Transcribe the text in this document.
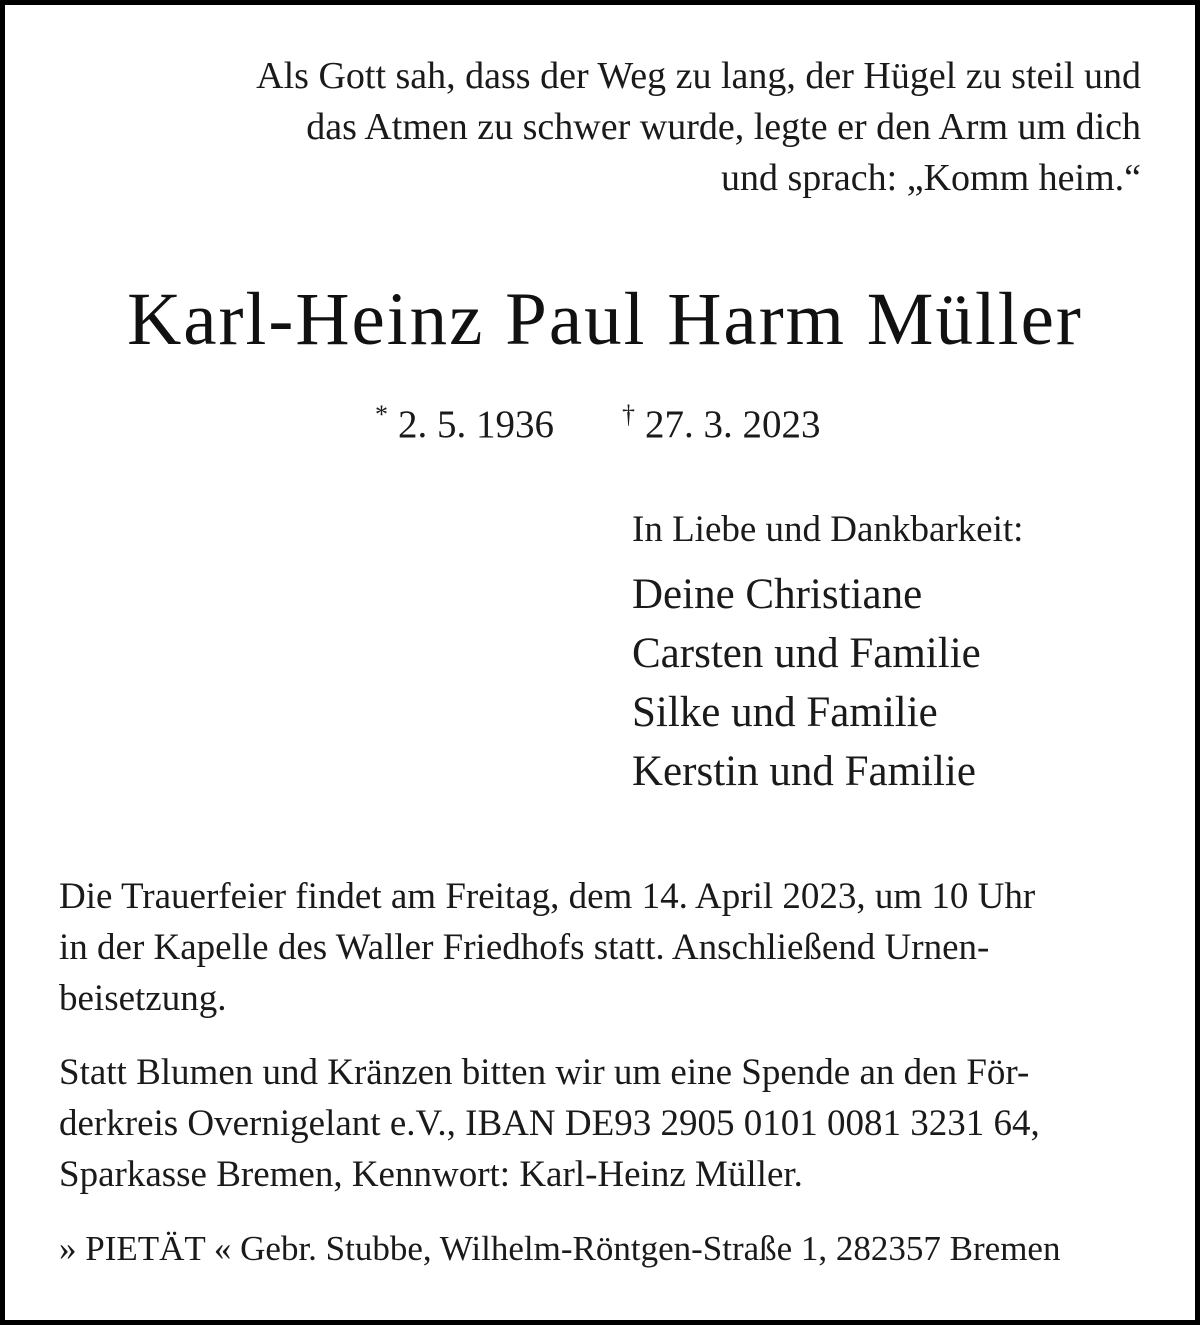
Als Gott sah, dass der Weg zu lang, der Hügel zu steil und
das Atmen zu schwer wurde, legte er den Arm um dich
und sprach: „Komm heim.“
Karl-Heinz Paul Harm Müller
* 2. 5. 1936	† 27. 3. 2023
In Liebe und Dankbarkeit:
Deine Christiane
Carsten und Familie
Silke und Familie
Kerstin und Familie
Die Trauerfeier findet am Freitag, dem 14. April 2023, um 10 Uhr
in der Kapelle des Waller Friedhofs statt. Anschließend Urnen-
beisetzung.
Statt Blumen und Kränzen bitten wir um eine Spende an den För-
derkreis Overnigelant e.V., IBAN DE93 2905 0101 0081 3231 64,
Sparkasse Bremen, Kennwort: Karl-Heinz Müller.
» PIETÄT « Gebr. Stubbe, Wilhelm-Röntgen-Straße 1, 282357 Bremen
